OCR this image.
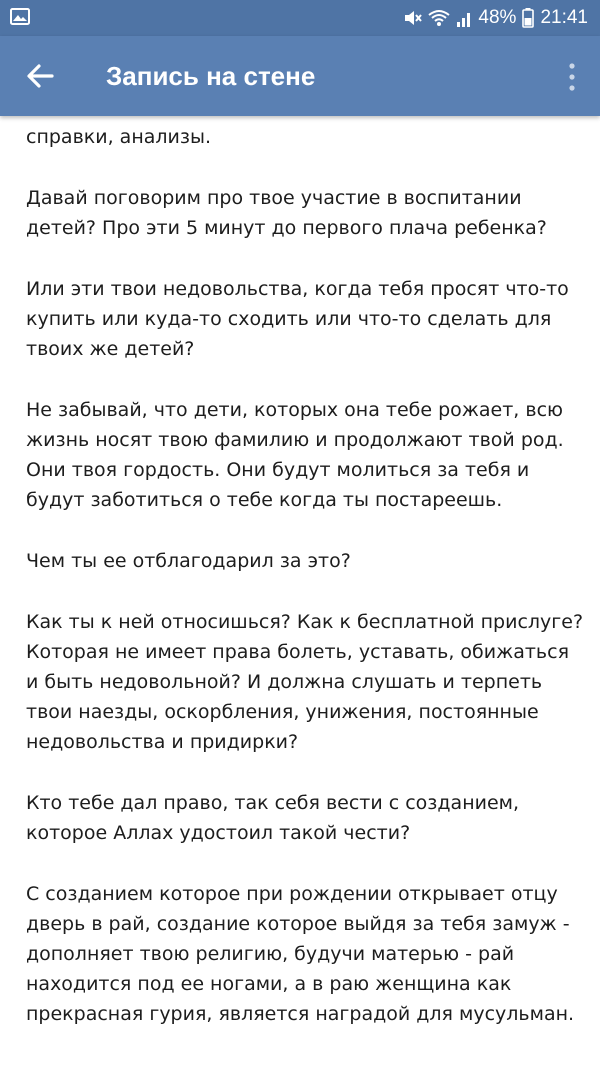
48% 21:41
Запись на стене

справки, анализы.

Давай поговорим про твое участие в воспитании детей? Про эти 5 минут до первого плача ребенка?

Или эти твои недовольства, когда тебя просят что-то купить или куда-то сходить или что-то сделать для твоих же детей?

Не забывай, что дети, которых она тебе рожает, всю жизнь носят твою фамилию и продолжают твой род. Они твоя гордость. Они будут молиться за тебя и будут заботиться о тебе когда ты постареешь.

Чем ты ее отблагодарил за это?

Как ты к ней относишься? Как к бесплатной прислуге? Которая не имеет права болеть, уставать, обижаться и быть недовольной? И должна слушать и терпеть твои наезды, оскорбления, унижения, постоянные недовольства и придирки?

Кто тебе дал право, так себя вести с созданием, которое Аллах удостоил такой чести?

С созданием которое при рождении открывает отцу дверь в рай, создание которое выйдя за тебя замуж - дополняет твою религию, будучи матерью - рай находится под ее ногами, а в раю женщина как прекрасная гурия, является наградой для мусульман.
